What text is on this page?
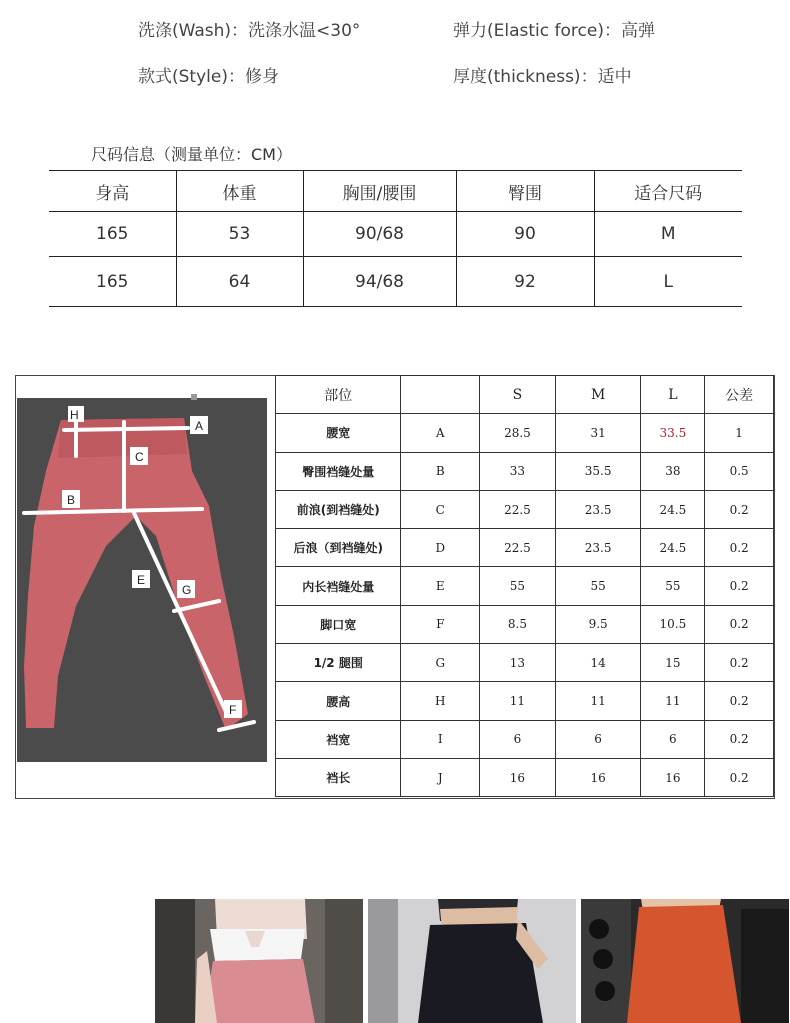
洗涤(Wash)：洗涤水温<30°	弹力(Elastic force)：高弹
款式(Style)：修身	厚度(thickness)：适中
尺码信息（测量单位：CM）
身高	体重	胸围/腰围	臀围	适合尺码
165	53	90/68	90	M
165	64	94/68	92	L
H
A
C
B
E
G
F
部位		S	M	L	公差
腰宽	A	28.5	31	33.5	1
臀围裆缝处量	B	33	35.5	38	0.5
前浪(到裆缝处)	C	22.5	23.5	24.5	0.2
后浪（到裆缝处)	D	22.5	23.5	24.5	0.2
内长裆缝处量	E	55	55	55	0.2
脚口宽	F	8.5	9.5	10.5	0.2
1/2 腿围	G	13	14	15	0.2
腰高	H	11	11	11	0.2
裆宽	I	6	6	6	0.2
裆长	J	16	16	16	0.2
